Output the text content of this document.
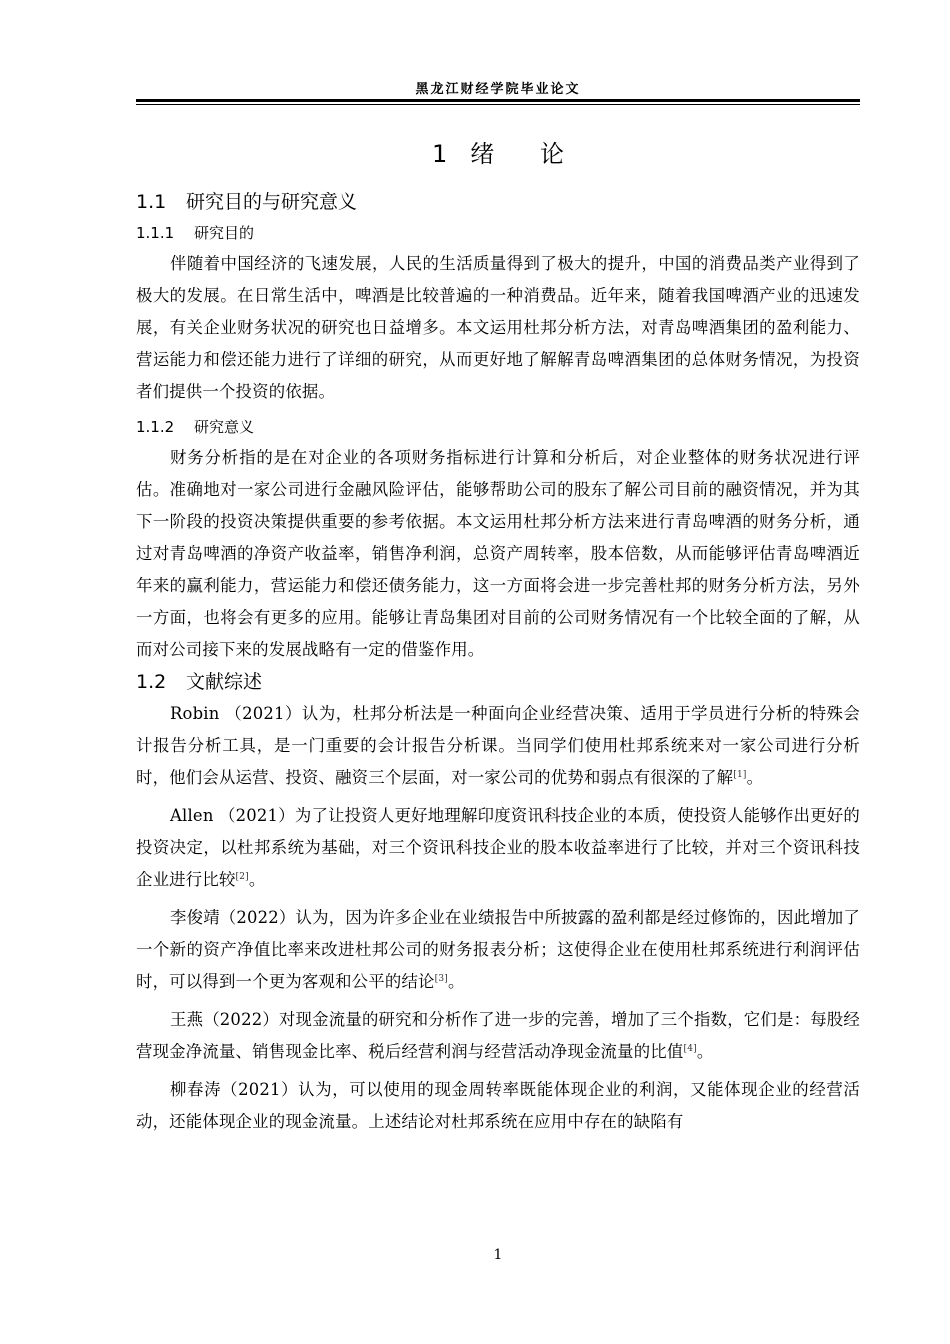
黑龙江财经学院毕业论文
1 绪 论
1.1 研究目的与研究意义
1.1.1 研究目的

伴随着中国经济的飞速发展，人民的生活质量得到了极大的提升，中国的消费品类产业得到了极大的发展。在日常生活中，啤酒是比较普遍的一种消费品。近年来，随着我国啤酒产业的迅速发展，有关企业财务状况的研究也日益增多。本文运用杜邦分析方法，对青岛啤酒集团的盈利能力、营运能力和偿还能力进行了详细的研究，从而更好地了解解青岛啤酒集团的总体财务情况，为投资者们提供一个投资的依据。

1.1.2 研究意义

财务分析指的是在对企业的各项财务指标进行计算和分析后，对企业整体的财务状况进行评估。准确地对一家公司进行金融风险评估，能够帮助公司的股东了解公司目前的融资情况，并为其下一阶段的投资决策提供重要的参考依据。本文运用杜邦分析方法来进行青岛啤酒的财务分析，通过对青岛啤酒的净资产收益率，销售净利润，总资产周转率，股本倍数，从而能够评估青岛啤酒近年来的赢利能力，营运能力和偿还债务能力，这一方面将会进一步完善杜邦的财务分析方法，另外一方面，也将会有更多的应用。能够让青岛集团对目前的公司财务情况有一个比较全面的了解，从而对公司接下来的发展战略有一定的借鉴作用。

1.2 文献综述

Robin （2021）认为，杜邦分析法是一种面向企业经营决策、适用于学员进行分析的特殊会计报告分析工具，是一门重要的会计报告分析课。当同学们使用杜邦系统来对一家公司进行分析时，他们会从运营、投资、融资三个层面，对一家公司的优势和弱点有很深的了解[1]。

Allen （2021）为了让投资人更好地理解印度资讯科技企业的本质，使投资人能够作出更好的投资决定，以杜邦系统为基础，对三个资讯科技企业的股本收益率进行了比较，并对三个资讯科技企业进行比较[2]。

李俊靖（2022）认为，因为许多企业在业绩报告中所披露的盈利都是经过修饰的，因此增加了一个新的资产净值比率来改进杜邦公司的财务报表分析；这使得企业在使用杜邦系统进行利润评估时，可以得到一个更为客观和公平的结论[3]。

王燕（2022）对现金流量的研究和分析作了进一步的完善，增加了三个指数，它们是：每股经营现金净流量、销售现金比率、税后经营利润与经营活动净现金流量的比值[4]。

柳春涛（2021）认为，可以使用的现金周转率既能体现企业的利润，又能体现企业的经营活动，还能体现企业的现金流量。上述结论对杜邦系统在应用中存在的缺陷有

1
